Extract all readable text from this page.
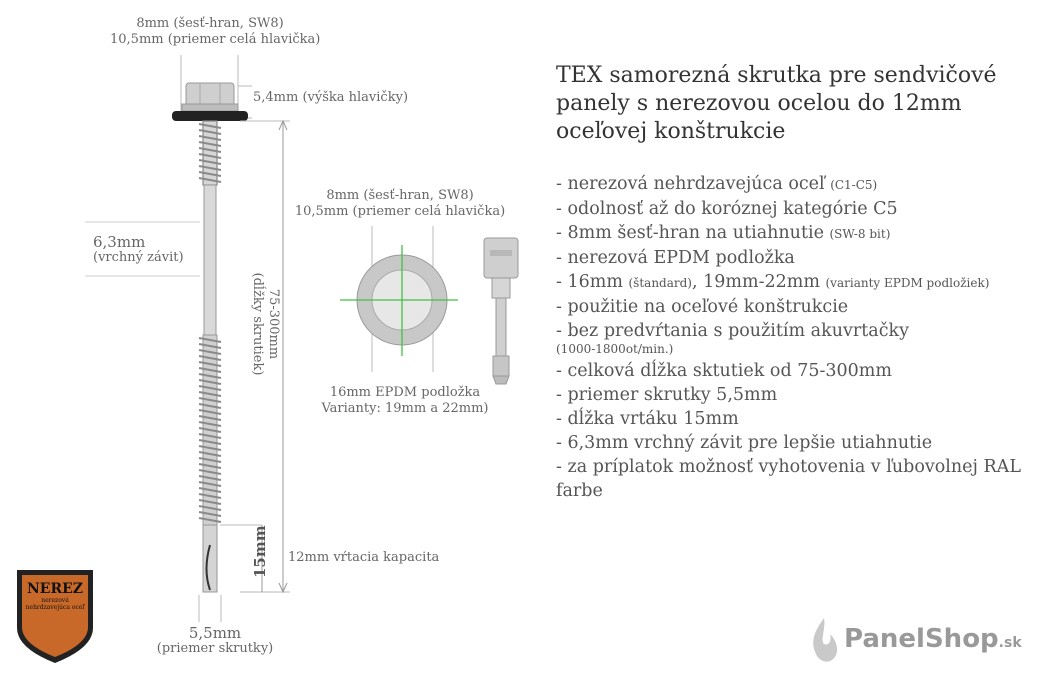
8mm (šesť-hran, SW8)
10,5mm (priemer celá hlavička)
5,4mm (výška hlavičky)
6,3mm
(vrchný závit)
75-300mm
(dĺžky skrutiek)
8mm (šesť-hran, SW8)
10,5mm (priemer celá hlavička)
16mm EPDM podložka
Varianty: 19mm a 22mm)
15mm 12mm vŕtacia kapacita
5,5mm
(priemer skrutky)
NEREZ
nerezová
nehrdzavejúca oceľ
TEX samorezná skrutka pre sendvičové panely s nerezovou ocelou do 12mm oceľovej konštrukcie
- nerezová nehrdzavejúca oceľ (C1-C5)
- odolnosť až do koróznej kategórie C5
- 8mm šesť-hran na utiahnutie (SW-8 bit)
- nerezová EPDM podložka
- 16mm (štandard), 19mm-22mm (varianty EPDM podložiek)
- použitie na oceľové konštrukcie
- bez predvŕtania s použitím akuvrtačky
(1000-1800ot/min.)
- celková dĺžka sktutiek od 75-300mm
- priemer skrutky 5,5mm
- dĺžka vrtáku 15mm
- 6,3mm vrchný závit pre lepšie utiahnutie
- za príplatok možnosť vyhotovenia v ľubovolnej RAL farbe
PanelShop.sk
